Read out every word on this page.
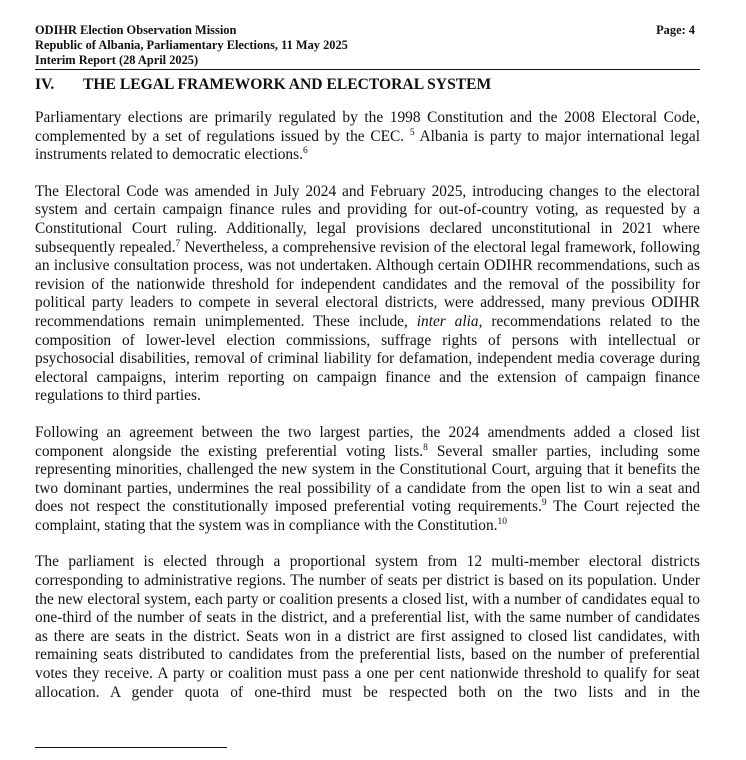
ODIHR Election Observation Mission
Republic of Albania, Parliamentary Elections, 11 May 2025
Interim Report (28 April 2025)
Page: 4
IV. THE LEGAL FRAMEWORK AND ELECTORAL SYSTEM

Parliamentary elections are primarily regulated by the 1998 Constitution and the 2008 Electoral Code, complemented by a set of regulations issued by the CEC. $^5$ Albania is party to major international legal instruments related to democratic elections.$^6$

The Electoral Code was amended in July 2024 and February 2025, introducing changes to the electoral system and certain campaign finance rules and providing for out-of-country voting, as requested by a Constitutional Court ruling. Additionally, legal provisions declared unconstitutional in 2021 where subsequently repealed.$^7$ Nevertheless, a comprehensive revision of the electoral legal framework, following an inclusive consultation process, was not undertaken. Although certain ODIHR recommendations, such as revision of the nationwide threshold for independent candidates and the removal of the possibility for political party leaders to compete in several electoral districts, were addressed, many previous ODIHR recommendations remain unimplemented. These include, inter alia, recommendations related to the composition of lower-level election commissions, suffrage rights of persons with intellectual or psychosocial disabilities, removal of criminal liability for defamation, independent media coverage during electoral campaigns, interim reporting on campaign finance and the extension of campaign finance regulations to third parties.

Following an agreement between the two largest parties, the 2024 amendments added a closed list component alongside the existing preferential voting lists.$^8$ Several smaller parties, including some representing minorities, challenged the new system in the Constitutional Court, arguing that it benefits the two dominant parties, undermines the real possibility of a candidate from the open list to win a seat and does not respect the constitutionally imposed preferential voting requirements.$^9$ The Court rejected the complaint, stating that the system was in compliance with the Constitution.$^{10}$

The parliament is elected through a proportional system from 12 multi-member electoral districts corresponding to administrative regions. The number of seats per district is based on its population. Under the new electoral system, each party or coalition presents a closed list, with a number of candidates equal to one-third of the number of seats in the district, and a preferential list, with the same number of candidates as there are seats in the district. Seats won in a district are first assigned to closed list candidates, with remaining seats distributed to candidates from the preferential lists, based on the number of preferential votes they receive. A party or coalition must pass a one per cent nationwide threshold to qualify for seat allocation. A gender quota of one-third must be respected both on the two lists and in the
